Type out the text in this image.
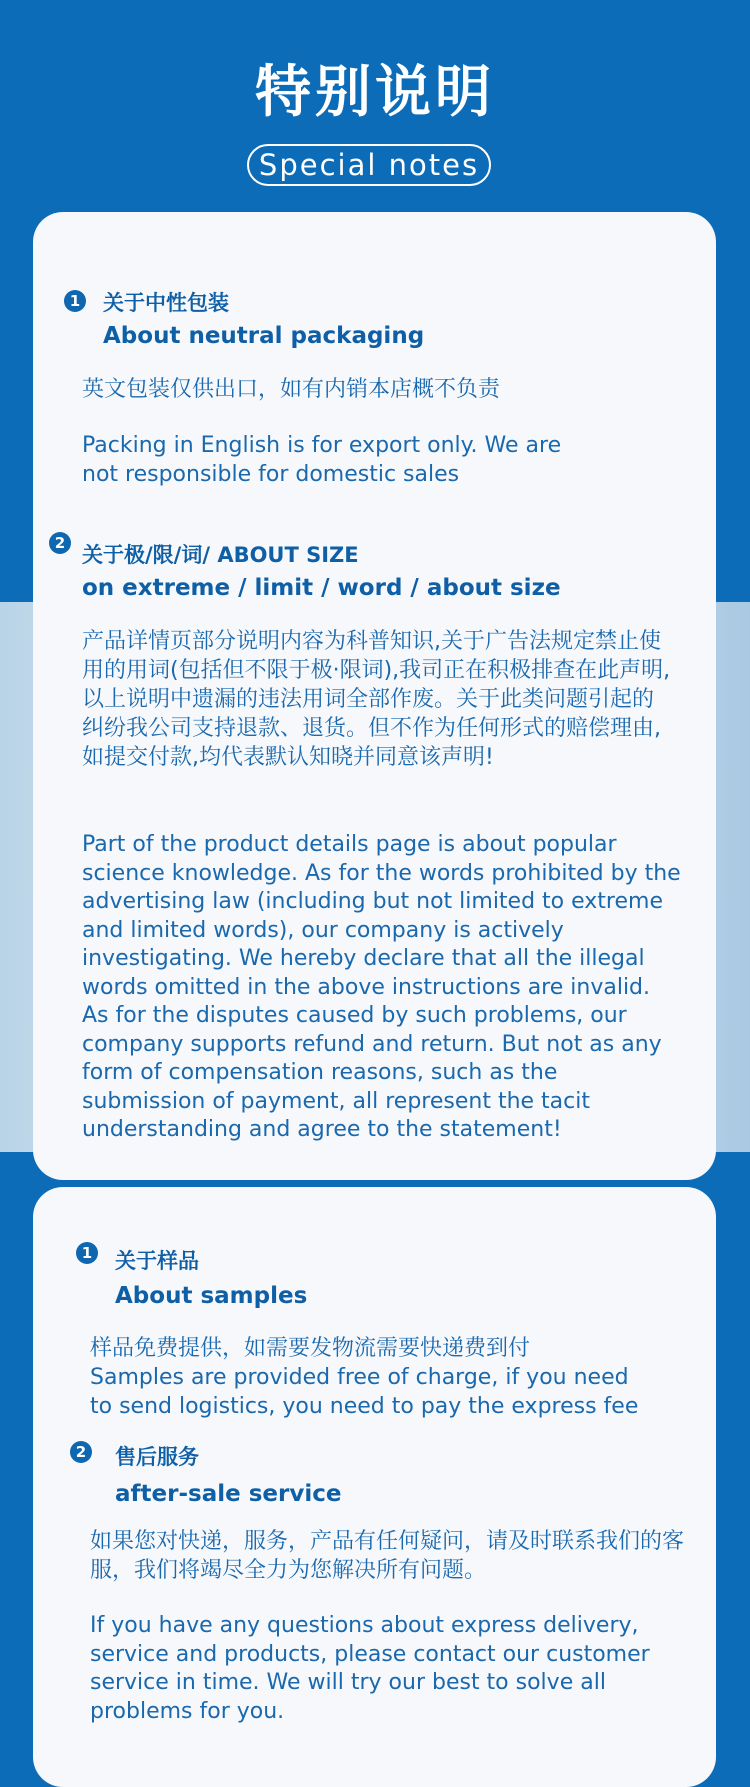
特别说明
Special notes
1 关于中性包装
About neutral packaging

英文包装仅供出口，如有内销本店概不负责

Packing in English is for export only. We are not responsible for domestic sales

2 关于极/限/词/ ABOUT SIZE
on extreme / limit / word / about size

产品详情页部分说明内容为科普知识,关于广告法规定禁止使用的用词(包括但不限于极·限词),我司正在积极排查在此声明,以上说明中遗漏的违法用词全部作废。关于此类问题引起的纠纷我公司支持退款、退货。但不作为任何形式的赔偿理由,如提交付款,均代表默认知晓并同意该声明!

Part of the product details page is about popular science knowledge. As for the words prohibited by the advertising law (including but not limited to extreme and limited words), our company is actively investigating. We hereby declare that all the illegal words omitted in the above instructions are invalid. As for the disputes caused by such problems, our company supports refund and return. But not as any form of compensation reasons, such as the submission of payment, all represent the tacit understanding and agree to the statement!

1 关于样品
About samples

样品免费提供，如需要发物流需要快递费到付

Samples are provided free of charge, if you need to send logistics, you need to pay the express fee

2 售后服务
after-sale service

如果您对快递，服务，产品有任何疑问，请及时联系我们的客服，我们将竭尽全力为您解决所有问题。

If you have any questions about express delivery, service and products, please contact our customer service in time. We will try our best to solve all problems for you.
